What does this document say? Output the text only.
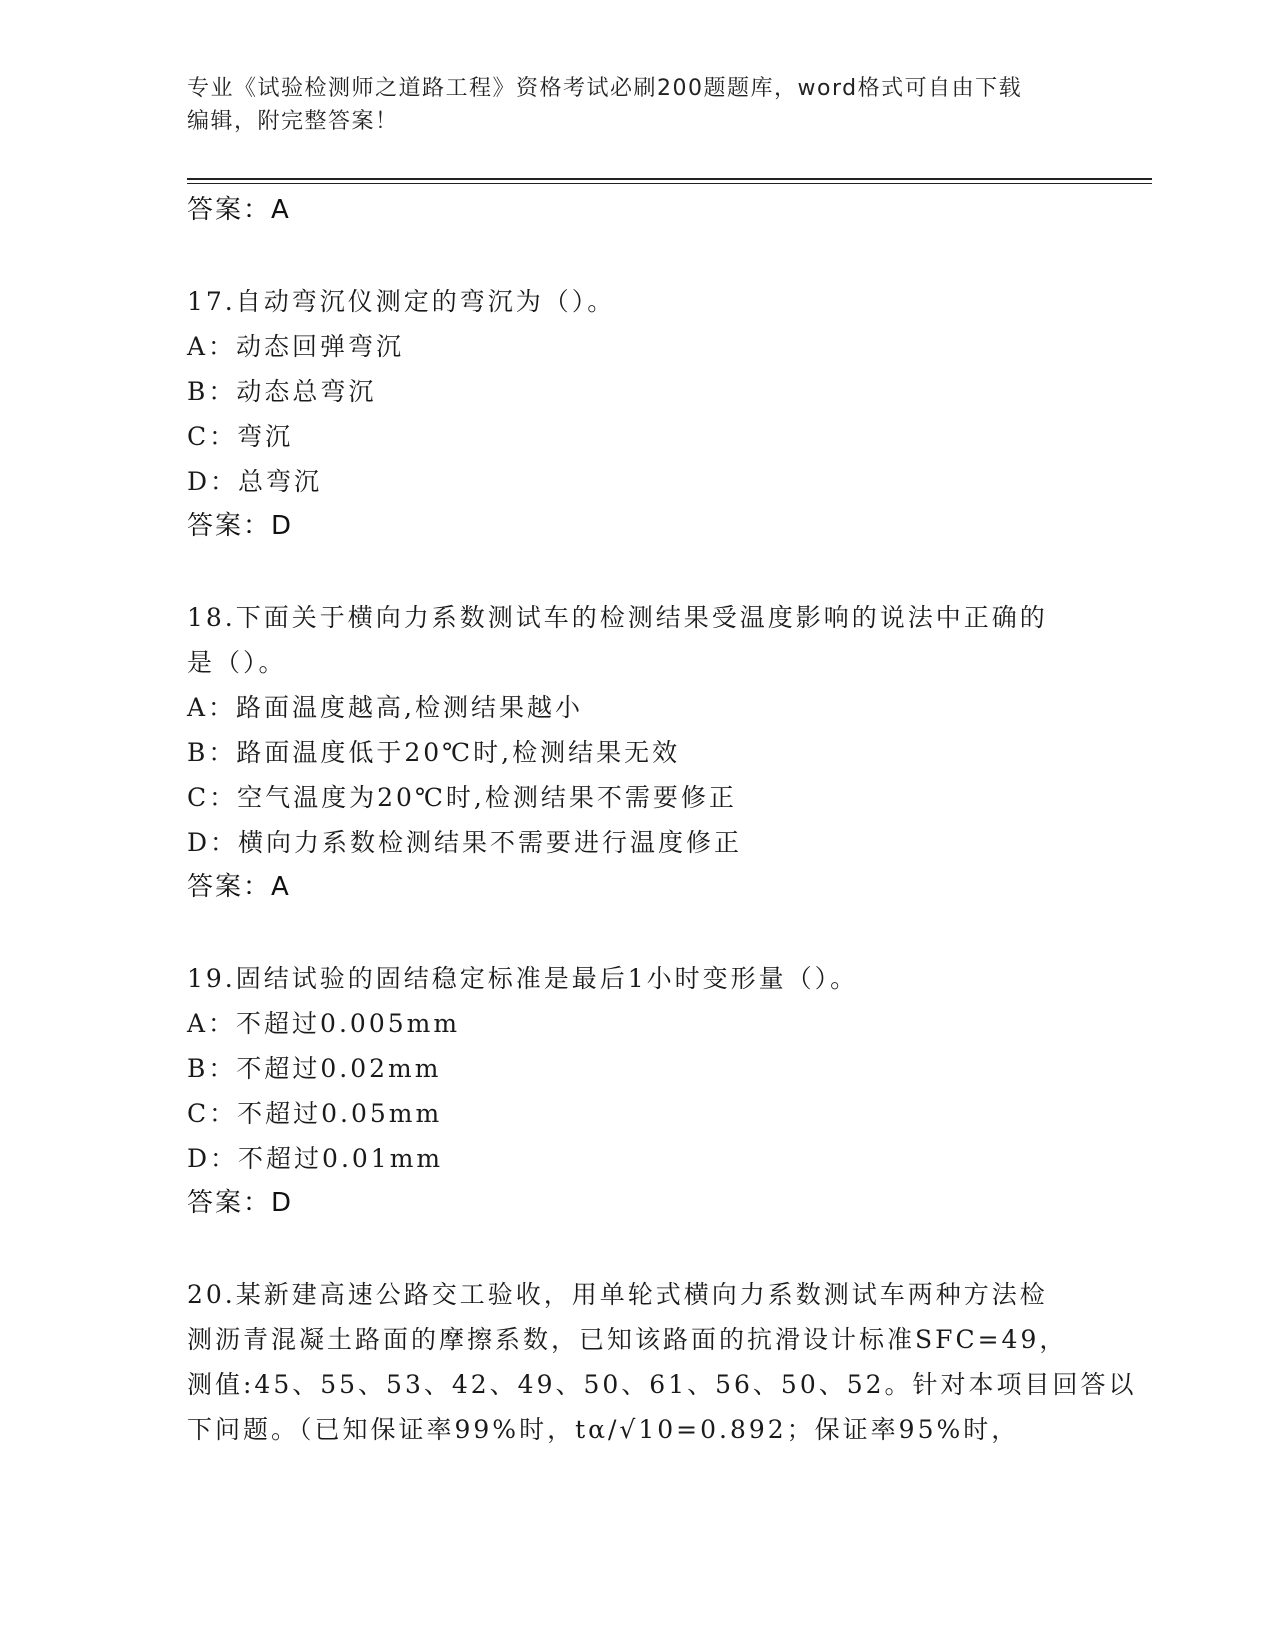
专业《试验检测师之道路工程》资格考试必刷200题题库，word格式可自由下载
编辑，附完整答案！
答案：A
17.自动弯沉仪测定的弯沉为（）。
A：动态回弹弯沉
B：动态总弯沉
C：弯沉
D：总弯沉
答案：D
18.下面关于横向力系数测试车的检测结果受温度影响的说法中正确的
是（）。
A：路面温度越高,检测结果越小
B：路面温度低于20℃时,检测结果无效
C：空气温度为20℃时,检测结果不需要修正
D：横向力系数检测结果不需要进行温度修正
答案：A
19.固结试验的固结稳定标准是最后1小时变形量（）。
A：不超过0.005mm
B：不超过0.02mm
C：不超过0.05mm
D：不超过0.01mm
答案：D
20.某新建高速公路交工验收，用单轮式横向力系数测试车两种方法检
测沥青混凝土路面的摩擦系数，已知该路面的抗滑设计标准SFC=49，
测值:45、55、53、42、49、50、61、56、50、52。针对本项目回答以
下问题。（已知保证率99%时，tα/√10=0.892；保证率95%时，
